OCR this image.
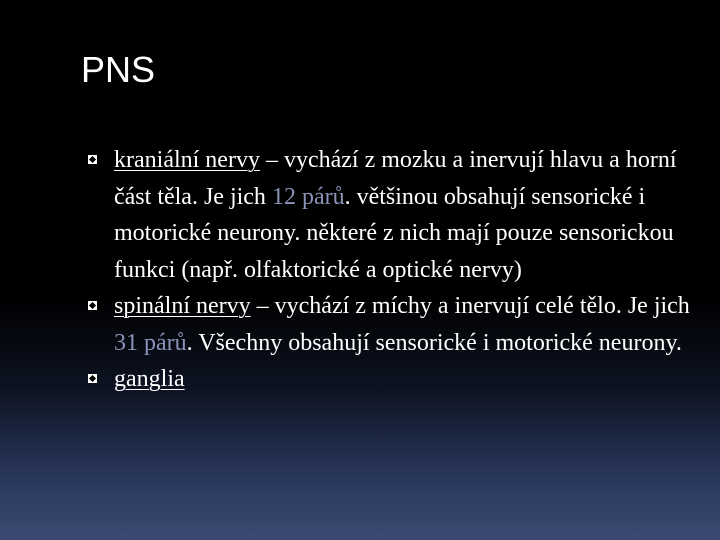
PNS
kraniální nervy – vychází z mozku a inervují hlavu a horní část těla. Je jich 12 párů. většinou obsahují sensorické i motorické neurony. některé z nich mají pouze sensorickou funkci (např. olfaktorické a optické nervy)
spinální nervy – vychází z míchy a inervují celé tělo. Je jich 31 párů. Všechny obsahují sensorické i motorické neurony.
ganglia
